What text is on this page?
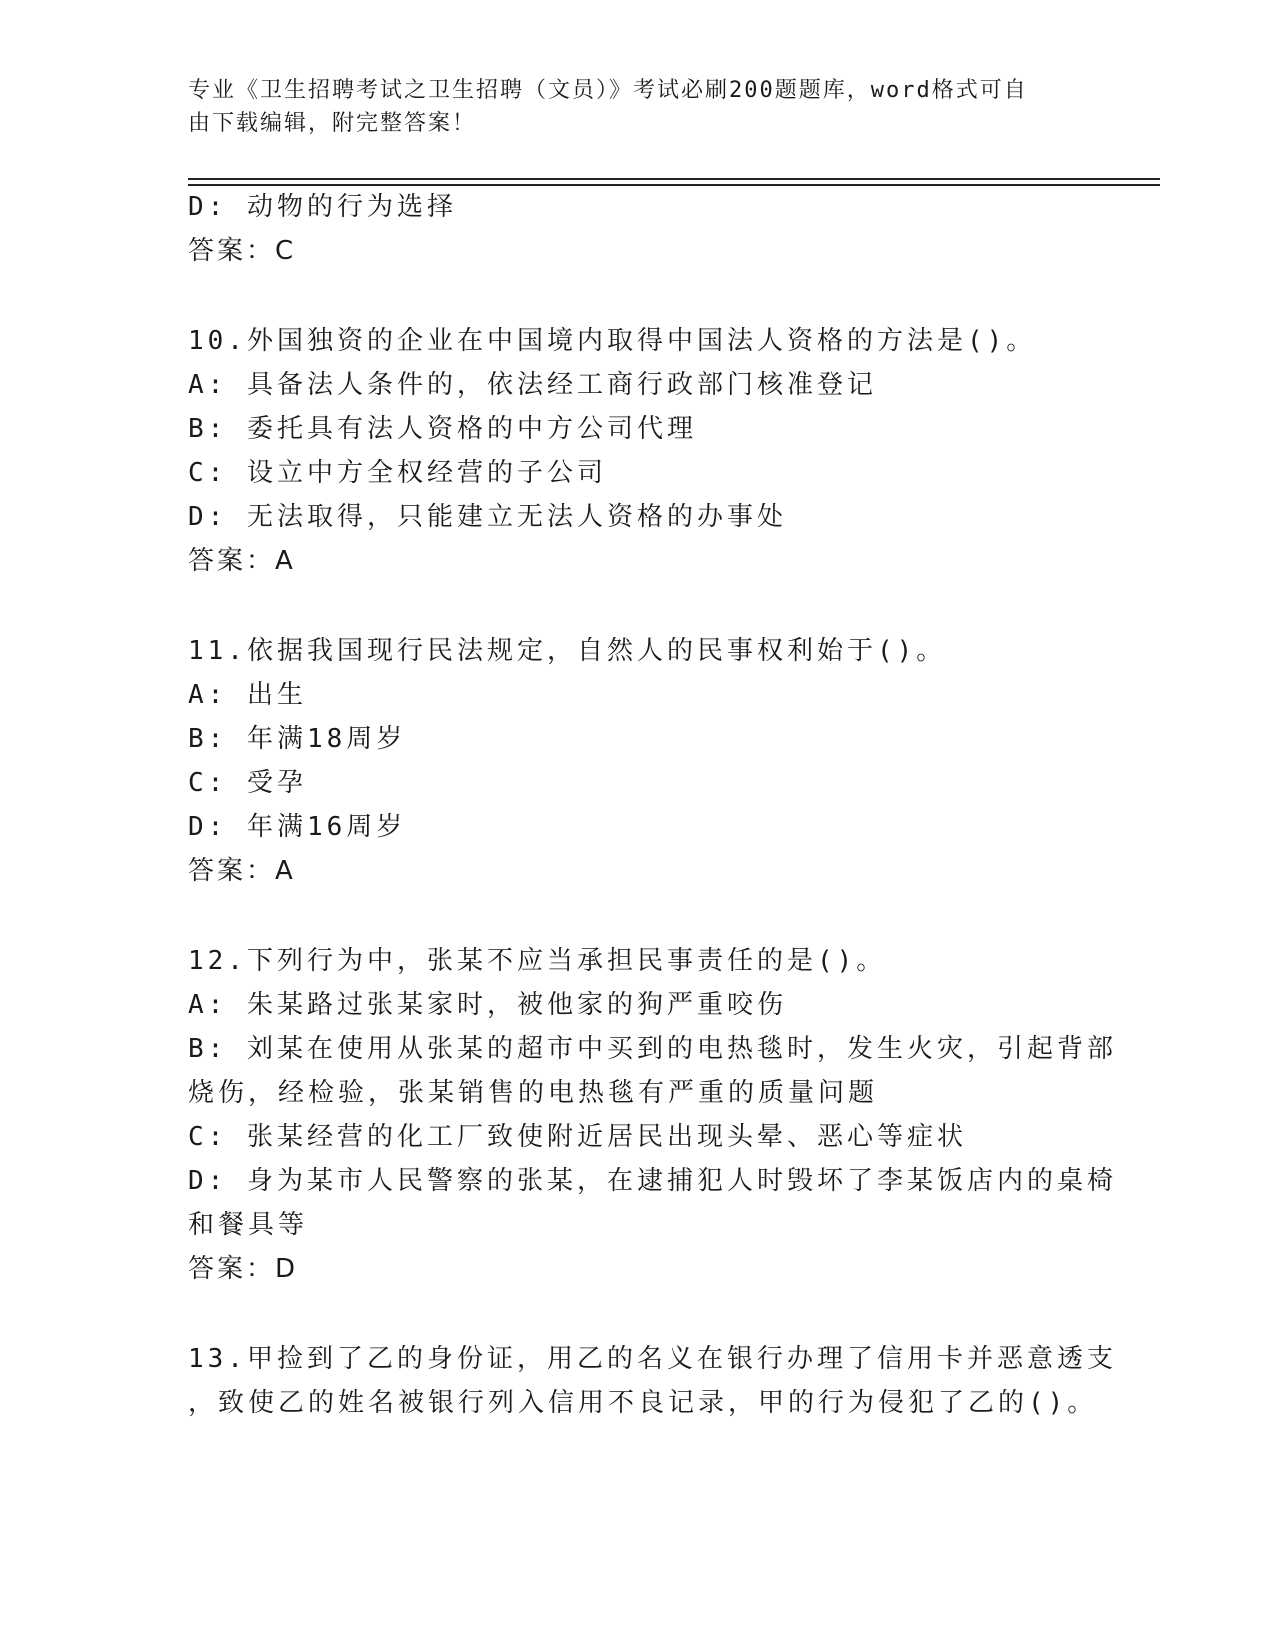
专业《卫生招聘考试之卫生招聘（文员）》考试必刷200题题库，word格式可自
由下载编辑，附完整答案！
D: 动物的行为选择
答案：C
10.外国独资的企业在中国境内取得中国法人资格的方法是()。
A: 具备法人条件的，依法经工商行政部门核准登记
B: 委托具有法人资格的中方公司代理
C: 设立中方全权经营的子公司
D: 无法取得，只能建立无法人资格的办事处
答案：A
11.依据我国现行民法规定，自然人的民事权利始于()。
A: 出生
B: 年满18周岁
C: 受孕
D: 年满16周岁
答案：A
12.下列行为中，张某不应当承担民事责任的是()。
A: 朱某路过张某家时，被他家的狗严重咬伤
B: 刘某在使用从张某的超市中买到的电热毯时，发生火灾，引起背部
烧伤，经检验，张某销售的电热毯有严重的质量问题
C: 张某经营的化工厂致使附近居民出现头晕、恶心等症状
D: 身为某市人民警察的张某，在逮捕犯人时毁坏了李某饭店内的桌椅
和餐具等
答案：D
13.甲捡到了乙的身份证，用乙的名义在银行办理了信用卡并恶意透支
，致使乙的姓名被银行列入信用不良记录，甲的行为侵犯了乙的()。
